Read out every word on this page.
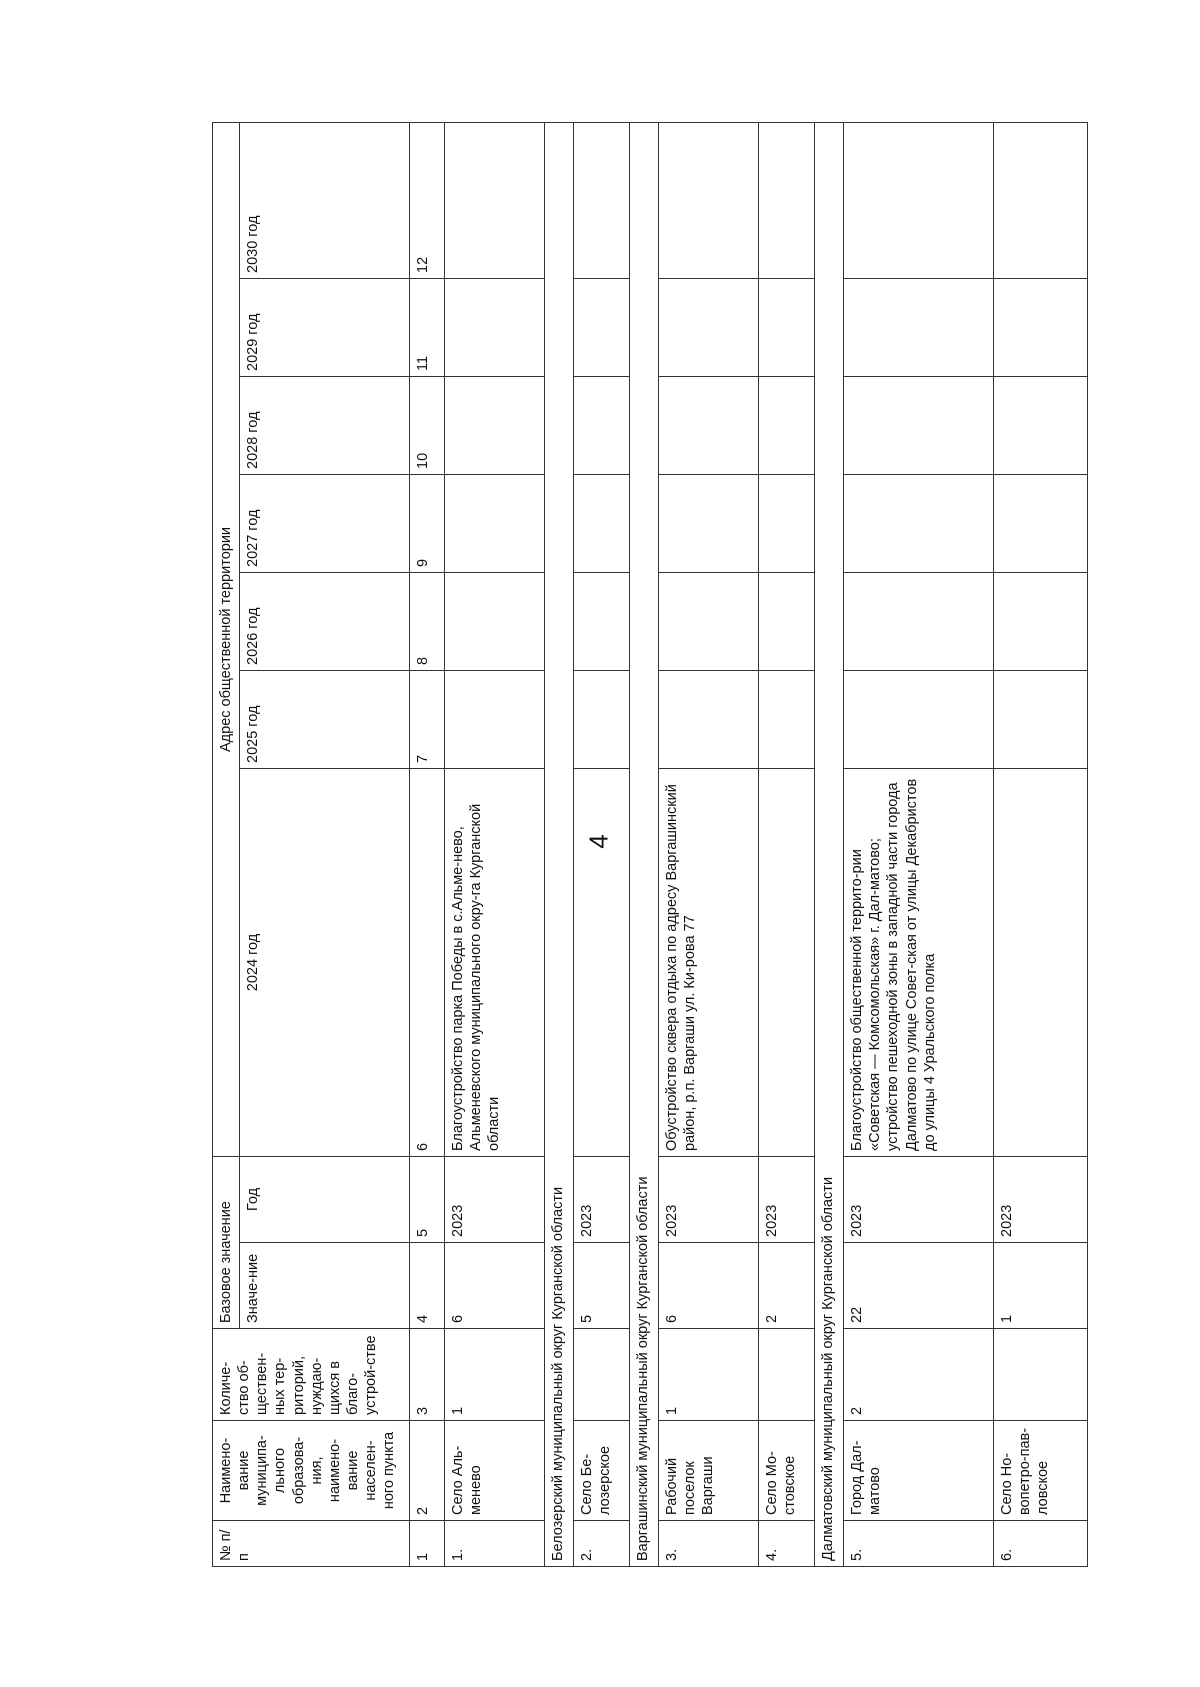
4
№ п/п	Наимено-вание муниципа-льного образова-ния, наимено-вание населен-ного пункта	Количе-ство об-ществен-ных тер-риторий, нуждаю-щихся в благо-устрой-стве	Базовое значение		Адрес общественной территории						
			Значе-ние	Год	2024 год	2025 год	2026 год	2027 год	2028 год	2029 год	2030 год
1	2	3	4	5	6	7	8	9	10	11	12
1.	Село Аль-менево	1	6	2023	Благоустройство парка Победы в с.Альме-нево, Альменевского муниципального окру-га Курганской области						
Белозерский муниципальный округ Курганской области											
2.	Село Бе-лозерское		5	2023							
Варгашинский муниципальный округ Курганской области											
3.	Рабочий поселок Варгаши	1	6	2023	Обустройство сквера отдыха по адресу Варгашинский район, р.п. Варгаши ул. Ки-рова 77						
4.	Село Мо-стовское		2	2023							
Далматовский муниципальный округ Курганской области											
5.	Город Дал-матово	2	22	2023	Благоустройство общественной террито-рии «Советская — Комсомольская» г. Дал-матово;
устройство пешеходной зоны в западной части города Далматово по улице Совет-ская от улицы Декабристов до улицы 4 Уральского полка						
6.	Село Но-вопетро-пав-ловское		1	2023							
